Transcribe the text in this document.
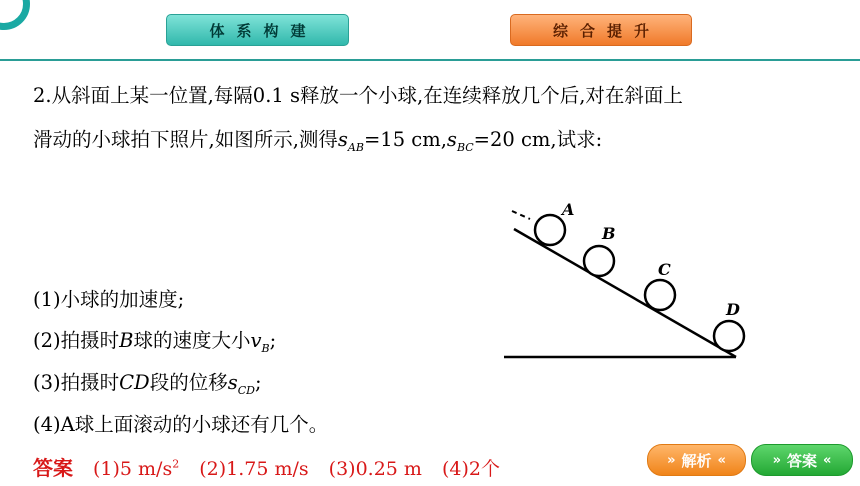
体系构建	综合提升
2.从斜面上某一位置,每隔0.1 s释放一个小球,在连续释放几个后,对在斜面上
滑动的小球拍下照片,如图所示,测得$s_{AB}=15$ $cm,s_{BC}=20$ cm,试求:
(1)小球的加速度;
(2)拍摄时B球的速度大小$v_B$;
(3)拍摄时CD段的位移$s_{CD}$;
(4)A球上面滚动的小球还有几个。
A
B
C
D
答案 (1)5 $m/s^2$ (2)1.75 m/s (3)0.25 m (4)2个	» 解析 «	» 答案 «
